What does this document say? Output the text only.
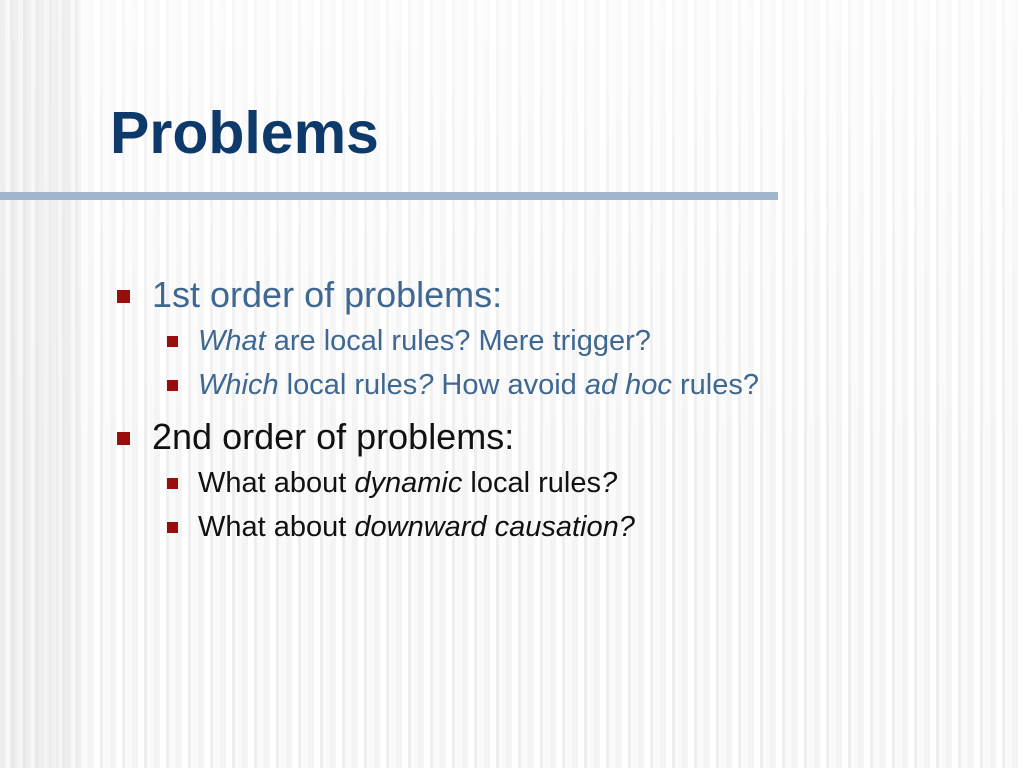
Problems
1st order of problems:
What are local rules? Mere trigger?
Which local rules? How avoid ad hoc rules?
2nd order of problems:
What about dynamic local rules?
What about downward causation?
